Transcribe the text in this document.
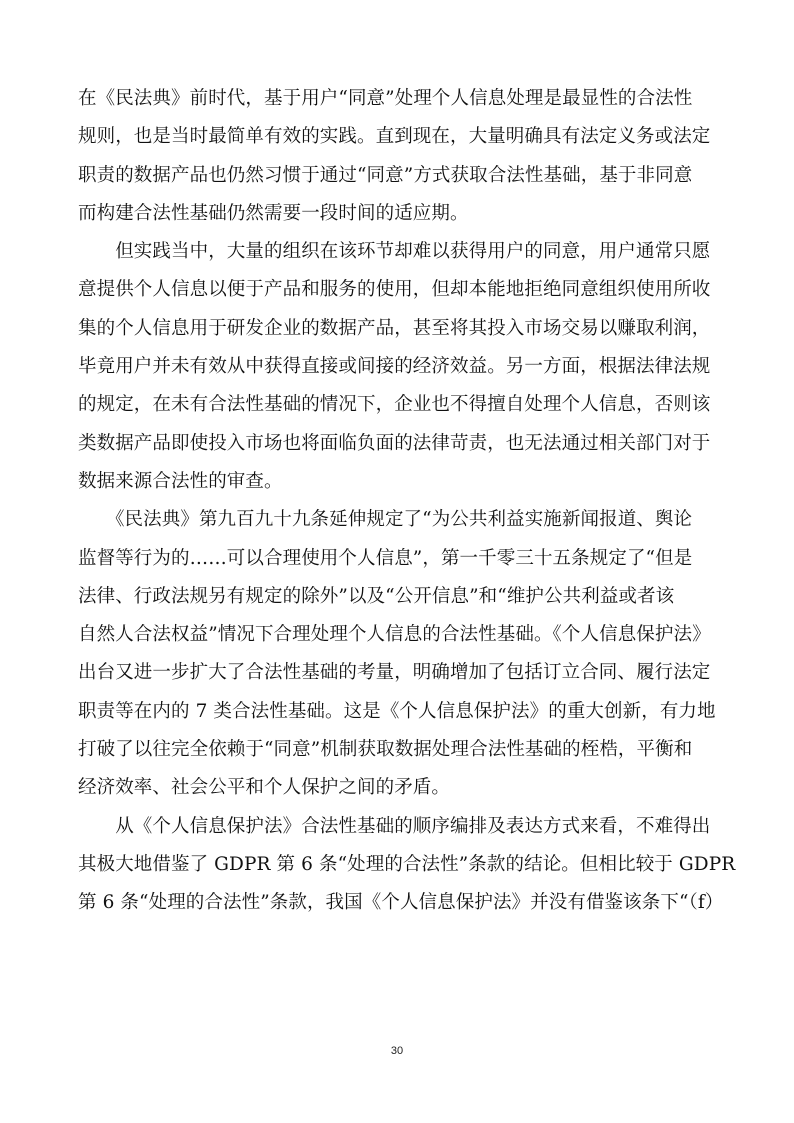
在《民法典》前时代，基于用户“同意”处理个人信息处理是最显性的合法性
规则，也是当时最简单有效的实践。直到现在，大量明确具有法定义务或法定
职责的数据产品也仍然习惯于通过“同意”方式获取合法性基础，基于非同意
而构建合法性基础仍然需要一段时间的适应期。
　　但实践当中，大量的组织在该环节却难以获得用户的同意，用户通常只愿
意提供个人信息以便于产品和服务的使用，但却本能地拒绝同意组织使用所收
集的个人信息用于研发企业的数据产品，甚至将其投入市场交易以赚取利润，
毕竟用户并未有效从中获得直接或间接的经济效益。另一方面，根据法律法规
的规定，在未有合法性基础的情况下，企业也不得擅自处理个人信息，否则该
类数据产品即使投入市场也将面临负面的法律苛责，也无法通过相关部门对于
数据来源合法性的审查。
　　《民法典》第九百九十九条延伸规定了“为公共利益实施新闻报道、舆论
监督等行为的……可以合理使用个人信息”，第一千零三十五条规定了“但是
法律、行政法规另有规定的除外”以及“公开信息”和“维护公共利益或者该
自然人合法权益”情况下合理处理个人信息的合法性基础。《个人信息保护法》
出台又进一步扩大了合法性基础的考量，明确增加了包括订立合同、履行法定
职责等在内的 7 类合法性基础。这是《个人信息保护法》的重大创新，有力地
打破了以往完全依赖于“同意”机制获取数据处理合法性基础的桎梏，平衡和
经济效率、社会公平和个人保护之间的矛盾。
　　从《个人信息保护法》合法性基础的顺序编排及表达方式来看，不难得出
其极大地借鉴了 GDPR 第 6 条“处理的合法性”条款的结论。但相比较于 GDPR
第 6 条“处理的合法性”条款，我国《个人信息保护法》并没有借鉴该条下“（f）
30
